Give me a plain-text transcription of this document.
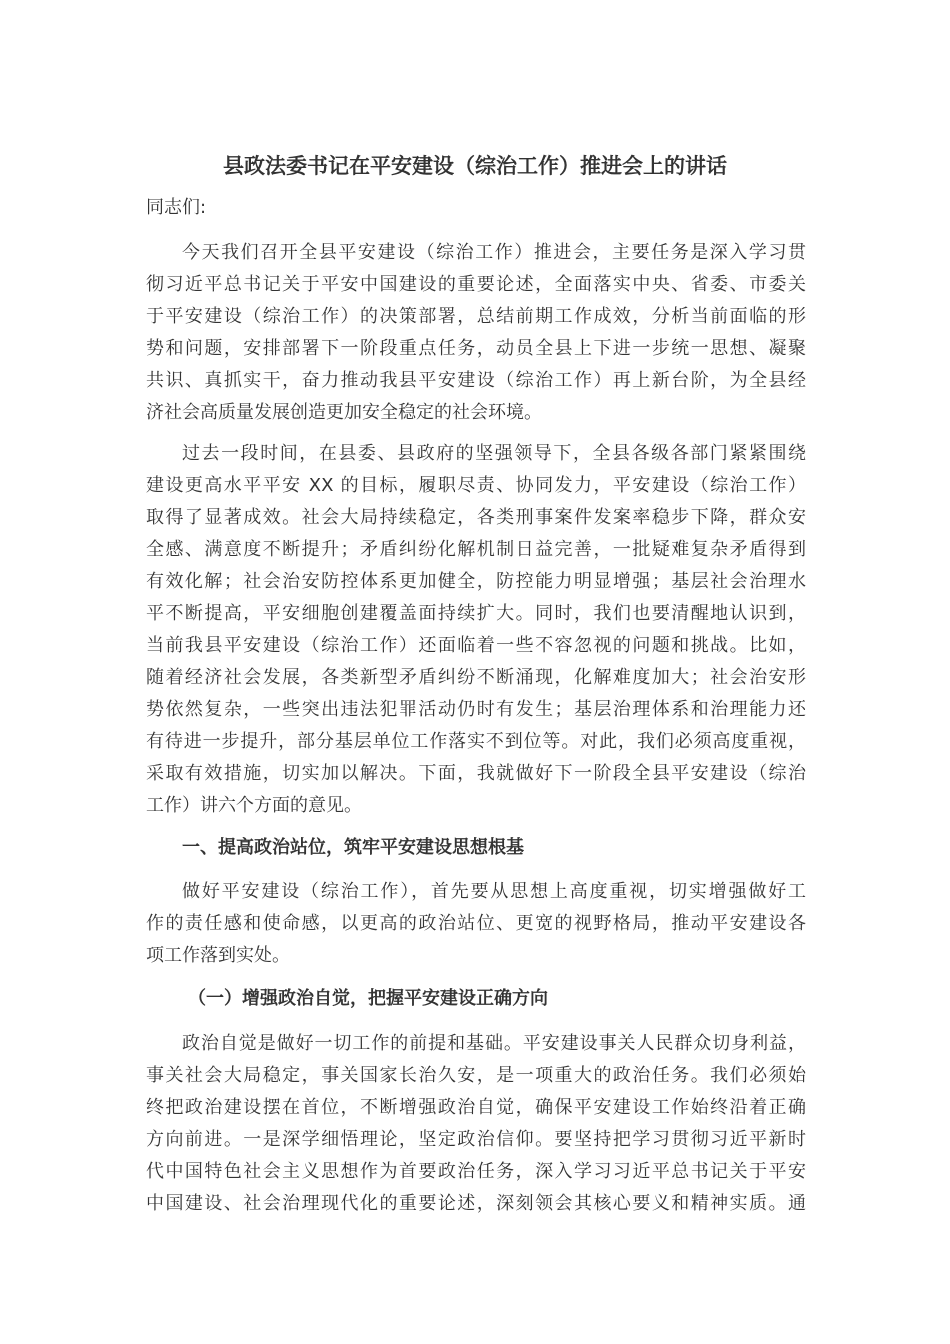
县政法委书记在平安建设（综治工作）推进会上的讲话
同志们:
今天我们召开全县平安建设（综治工作）推进会，主要任务是深入学习贯
彻习近平总书记关于平安中国建设的重要论述，全面落实中央、省委、市委关
于平安建设（综治工作）的决策部署，总结前期工作成效，分析当前面临的形
势和问题，安排部署下一阶段重点任务，动员全县上下进一步统一思想、凝聚
共识、真抓实干，奋力推动我县平安建设（综治工作）再上新台阶，为全县经
济社会高质量发展创造更加安全稳定的社会环境。
过去一段时间，在县委、县政府的坚强领导下，全县各级各部门紧紧围绕
建设更高水平平安 XX 的目标，履职尽责、协同发力，平安建设（综治工作）
取得了显著成效。社会大局持续稳定，各类刑事案件发案率稳步下降，群众安
全感、满意度不断提升；矛盾纠纷化解机制日益完善，一批疑难复杂矛盾得到
有效化解；社会治安防控体系更加健全，防控能力明显增强；基层社会治理水
平不断提高，平安细胞创建覆盖面持续扩大。同时，我们也要清醒地认识到，
当前我县平安建设（综治工作）还面临着一些不容忽视的问题和挑战。比如，
随着经济社会发展，各类新型矛盾纠纷不断涌现，化解难度加大；社会治安形
势依然复杂，一些突出违法犯罪活动仍时有发生；基层治理体系和治理能力还
有待进一步提升，部分基层单位工作落实不到位等。对此，我们必须高度重视，
采取有效措施，切实加以解决。下面，我就做好下一阶段全县平安建设（综治
工作）讲六个方面的意见。
一、提高政治站位，筑牢平安建设思想根基
做好平安建设（综治工作），首先要从思想上高度重视，切实增强做好工
作的责任感和使命感，以更高的政治站位、更宽的视野格局，推动平安建设各
项工作落到实处。
（一）增强政治自觉，把握平安建设正确方向
政治自觉是做好一切工作的前提和基础。平安建设事关人民群众切身利益，
事关社会大局稳定，事关国家长治久安，是一项重大的政治任务。我们必须始
终把政治建设摆在首位，不断增强政治自觉，确保平安建设工作始终沿着正确
方向前进。一是深学细悟理论，坚定政治信仰。要坚持把学习贯彻习近平新时
代中国特色社会主义思想作为首要政治任务，深入学习习近平总书记关于平安
中国建设、社会治理现代化的重要论述，深刻领会其核心要义和精神实质。通
